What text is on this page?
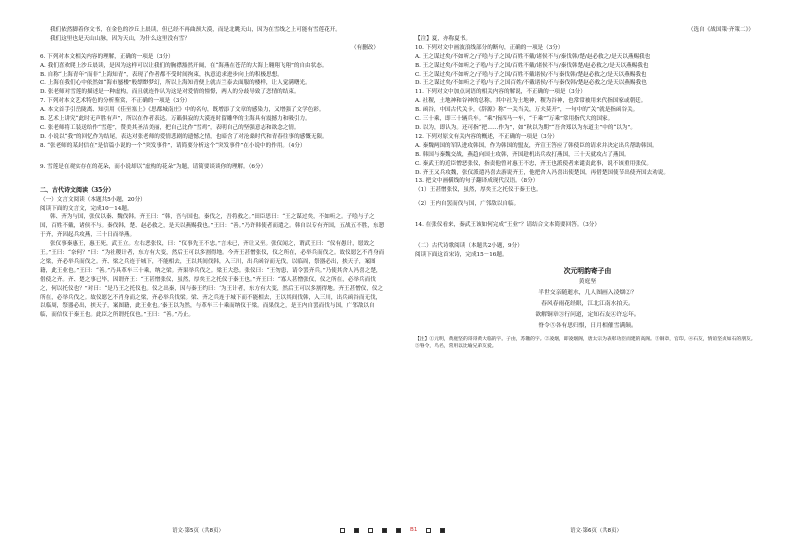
我们依然脚着你文书，在金色的沙丘上晨读，但已经不再曲颈大漠，而是北眺天山，因为在雪线之上可能有雪莲花开。

我们这里也是天山山脉，因为天山，为什么这里没有雪？

（有删改）

6. 下列对本文相关内容的理解，正确的一项是（3分）

A. 我们喜欢爬上沙丘晨读，是因为这样可以让我们的胸襟豁然开阔，在“海燕在苍茫的大海上翱翔飞翔”的自由状态。

B. 自称“上海青年”而非“上海知青”，表现了作者都不受时间拘束，执意追求进步向上的积极思想。

C. 上海在我们心中依然如“海市蜃楼”般缥缈梦幻，所以上海知青便上就吉兰泰去面服的楼样，让人觉满曙光。

D. 张老师对雪莲的描述是一种虚构，而且就连作认为这是对爱情的憧憬，两人的分歧导致了恋情的结束。

7. 下列对本文艺术特色的分析鉴赏，不正确的一项是（3分）

A. 本文首手引岳陇离、知引用《佳至塞上》《思都城南庄》中的名句，既增添了文章的感染力，又增强了文学色彩。

B. 艺术上讲究“此时无声胜有声”，所以在作者表达。万籁俱寂的大漠连时留雕华的主海具有震撼力和吸引力。

C. 张老师将工装送给作“雪莲”，赞美其圣洁美丽，把自己比作“雪鸡”，表明自己的坚强意志和欲念之情。

D. 小说以“我”的回忆作为结尾，表达对张老师的爱情悲剧的遗憾之情，也暗含了对沧桑时代和青春往事的感慨无限。

8. “张老师的某封信在”是信篇小说的一个“突发事件”，请简要分析这个“突发事件”在小说中的作用。（4分）

9. 雪莲是在观实存在的花朵，而小说却以“虚构的花朵”为题，请简要谈谈你的理解。（6分）

二、古代诗文阅读（35分）

（一）文言文阅读（本题共5小题，20分）

阅读下面的文言文，完成10－14题。

韩、齐为与国，张仪以秦、魏伐韩。齐王曰：“韩，吾与国也。秦伐之，吾将救之。”田臣思曰：“王之谋过矣，不如听之。子哙与子之国，百姓不戴，诸侯不与。秦伐韩，楚、赵必救之，是天以燕赐我也。”王曰：“善。”乃许韩使者而遣之。韩自以专有齐国，五战五不胜，东愬于齐，齐因起兵攻燕，三十日而举燕。

张仪事秦惠王，惠王死，武王立。左右恶张仪，曰：“仪事先王不忠。”言未已，齐让又至。张仪闻之，谓武王曰：“仪有愚计，愿效之王。”王曰：“奈何？”曰：“为社稷计者，东方有大变，然后王可以多割得地。今齐王甚憎张仪，仪之所在，必举兵而伐之。故仪愿乞不肖身而之梁，齐必举兵而伐之。齐、梁之兵连于城下，不能相去，王以其间伐韩，入三川，出兵函谷而无伐，以临周，祭器必出，挟天子，案图籍，此王业也。”王曰：“善。”乃具革车三十乘，纳之梁。齐果举兵伐之。梁王大恐。张仪曰：“王勿患，请令罢齐兵。”乃使其舍人冯喜之楚，借使之齐。齐、楚之事已毕，因谓齐王：“王甚憎张仪，虽然，厚矣王之托仪于秦王也。”齐王曰：“寡人甚憎张仪，仪之所在，必举兵而伐之，何以托仪也？”对曰：“是乃王之托仪也。仪之出秦，因与秦王约曰：‘为王计者，东方有大变，然后王可以多割得地。齐王甚憎仪，仪之所在，必举兵伐之。故仪愿乞不肖身而之梁，齐必举兵伐梁。梁、齐之兵连于城下而不能相去，王以其间伐韩，入三川，出兵函谷而无伐，以临周，祭器必出，挟天子，案图籍，此王业也。’秦王以为然，与革车三十乘而纳仪于梁。而果伐之，是王内自罢而伐与国，广邻敌以自临，而信仪于秦王也。此臣之所谓托仪也。”王曰：“善。”乃止。

（选自《战国策·齐策二》）

【注】夏，亦称夏书。

10. 下列对文中画波浪线部分的断句，正确的一项是（3分）

A. 王之谋过矣/不如听之/子哙与子之国/百姓不戴/诸侯不与/秦伐韩/楚/赵必救之/是天以燕赐我也

B. 王之谋过矣/不如听之子哙/与子之国/百姓不戴/诸侯不与/秦伐韩楚/赵必救之/是天以燕赐我也

C. 王之谋过矣/不如听之/子哙与子之国/百姓不戴诸侯/不与秦伐韩/楚赵必救之/是天以燕赐我也

D. 王之谋过矣/不如听之子哙/与子之国百姓/不戴诸侯/不与秦伐韩/楚赵必救之/是天以燕赐我也

11. 下列对文中加点词语的相关内容的解说，不正确的一项是（3分）

A. 社稷，土地神和谷神的总称。其中社为土地神，稷为谷神，也常常被用来代指国家或朝廷。

B. 函谷，中国古代关卡，《辞源》称“一关当关，万夫莫开”，一句中的“关”就是指函谷关。

C. 三十乘，即三十辆兵车。“乘”指四马一车，“千乘”“万乘”常用指代大的国家。

D. 以为，即认为。还可指“把……作为”，如“秋以为期”“吾舍郑以为东道主”中的“以为”。

12. 下列对原文有关内容的概述，不正确的一项是（3分）

A. 秦魏两国的军队进攻韩国，作为韩国的盟友，齐宣王答应了韩使臣的请求并决定出兵帮助韩国。

B. 韩国与秦魏交战，燕趋向国士攻韩，齐国趁机出兵攻打燕国，三十天就攻占了燕国。

C. 秦武王的近臣憎恶张仪，指责他曾对惠王不忠，齐王也派使者来谴责此事，说不该重用张仪。

D. 齐王又兵攻魏，张仪派遣冯喜去游说齐王，他把舍人冯喜出使楚国，再借楚国使节出使齐国去劝说。

13. 把文中画横线的句子翻译成现代汉语。（8分）

（1）王甚憎张仪，虽然，厚矣王之托仪于秦王也。

（2）王内自罢而伐与国，广邻敌以自临。

14. 在张仪看来，秦武王该如何完成“王业”？请结合文本简要回答。（3分）

（二）古代诗歌阅读（本题共2小题，9分）

阅读下面这首宋诗，完成15－16题。

次元明韵寄子由

黄庭坚

半世交亲随逝水，几人图画入凌烟②？

春风春雨花经眼，江北江南水拍天。

欲解铜章③行问道，定知石友④许忘年。

脊令⑤各有思归恨，日月相催雪满颠。

【注】①元明，黄庭坚的哥哥黄大临的字。子由，苏辙的字。②凌烟，即凌烟阁，唐太宗为表彰功臣而建的高阁。③铜章，官印。④石友，情谊坚贞如石的朋友。⑤脊令，鸟名，常用以比喻兄弟友爱。

语文·第5页（共8页）	B1	语文·第6页（共8页）
